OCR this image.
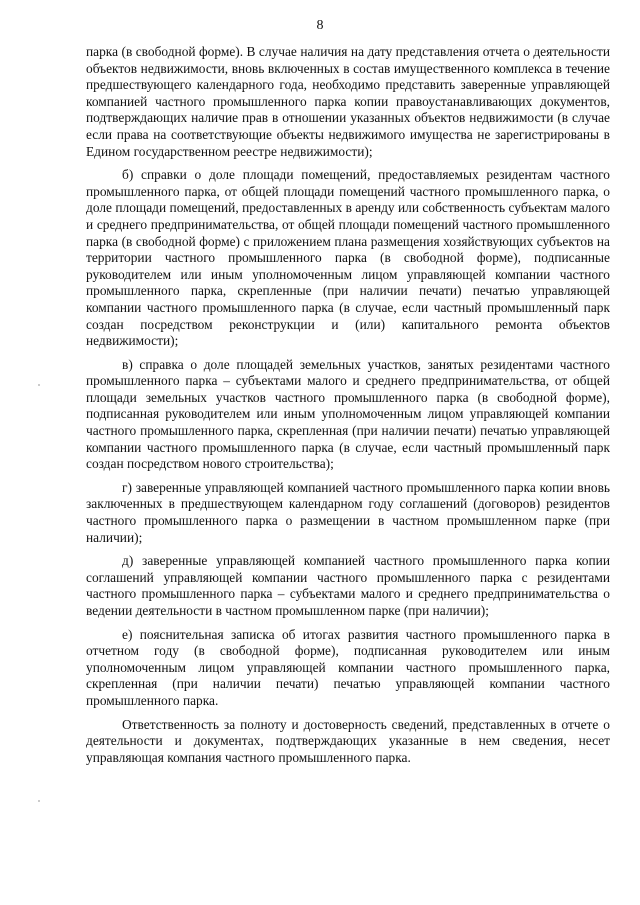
8

парка (в свободной форме). В случае наличия на дату представления отчета о деятельности объектов недвижимости, вновь включенных в состав имущественного комплекса в течение предшествующего календарного года, необходимо представить заверенные управляющей компанией частного промышленного парка копии правоустанавливающих документов, подтверждающих наличие прав в отношении указанных объектов недвижимости (в случае если права на соответствующие объекты недвижимого имущества не зарегистрированы в Едином государственном реестре недвижимости);

б) справки о доле площади помещений, предоставляемых резидентам частного промышленного парка, от общей площади помещений частного промышленного парка, о доле площади помещений, предоставленных в аренду или собственность субъектам малого и среднего предпринимательства, от общей площади помещений частного промышленного парка (в свободной форме) с приложением плана размещения хозяйствующих субъектов на территории частного промышленного парка (в свободной форме), подписанные руководителем или иным уполномоченным лицом управляющей компании частного промышленного парка, скрепленные (при наличии печати) печатью управляющей компании частного промышленного парка (в случае, если частный промышленный парк создан посредством реконструкции и (или) капитального ремонта объектов недвижимости);

в) справка о доле площадей земельных участков, занятых резидентами частного промышленного парка – субъектами малого и среднего предпринимательства, от общей площади земельных участков частного промышленного парка (в свободной форме), подписанная руководителем или иным уполномоченным лицом управляющей компании частного промышленного парка, скрепленная (при наличии печати) печатью управляющей компании частного промышленного парка (в случае, если частный промышленный парк создан посредством нового строительства);

г) заверенные управляющей компанией частного промышленного парка копии вновь заключенных в предшествующем календарном году соглашений (договоров) резидентов частного промышленного парка о размещении в частном промышленном парке (при наличии);

д) заверенные управляющей компанией частного промышленного парка копии соглашений управляющей компании частного промышленного парка с резидентами частного промышленного парка – субъектами малого и среднего предпринимательства о ведении деятельности в частном промышленном парке (при наличии);

е) пояснительная записка об итогах развития частного промышленного парка в отчетном году (в свободной форме), подписанная руководителем или иным уполномоченным лицом управляющей компании частного промышленного парка, скрепленная (при наличии печати) печатью управляющей компании частного промышленного парка.

Ответственность за полноту и достоверность сведений, представленных в отчете о деятельности и документах, подтверждающих указанные в нем сведения, несет управляющая компания частного промышленного парка.
